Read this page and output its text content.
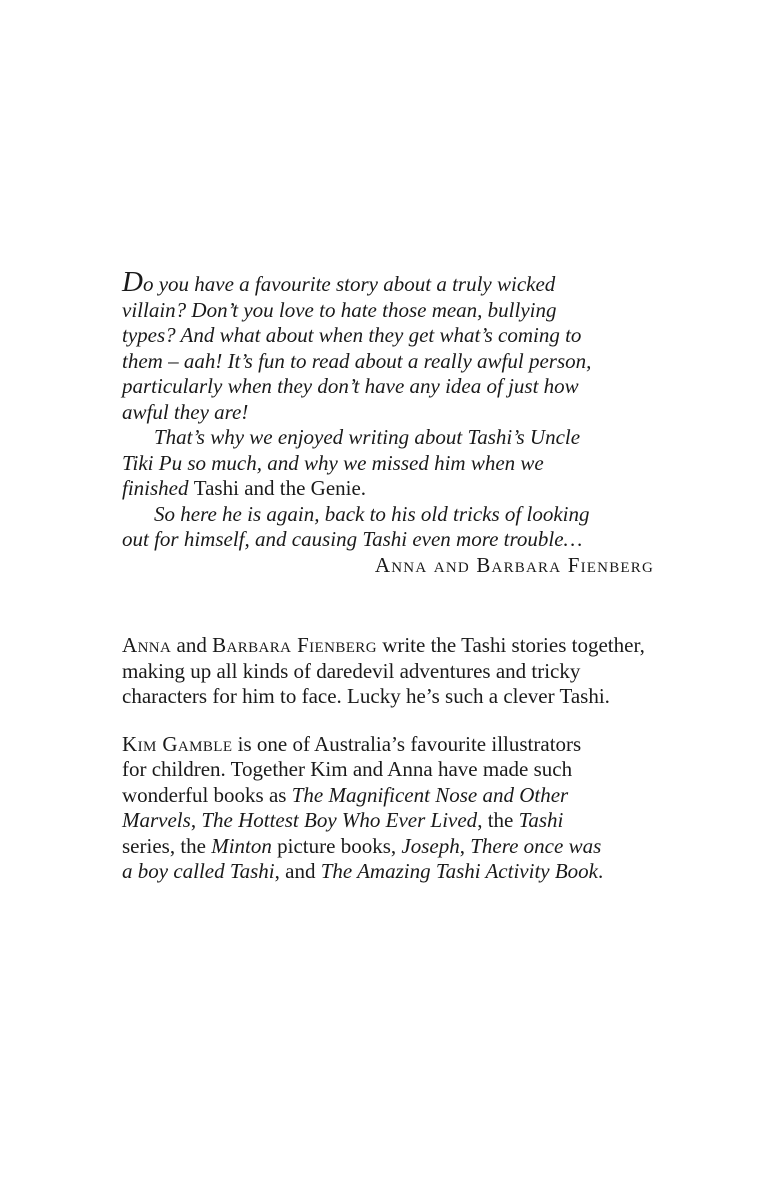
Do you have a favourite story about a truly wicked
villain? Don’t you love to hate those mean, bullying
types? And what about when they get what’s coming to
them – aah! It’s fun to read about a really awful person,
particularly when they don’t have any idea of just how
awful they are!
That’s why we enjoyed writing about Tashi’s Uncle
Tiki Pu so much, and why we missed him when we
finished Tashi and the Genie.
So here he is again, back to his old tricks of looking
out for himself, and causing Tashi even more trouble…
Anna and Barbara Fienberg
Anna and Barbara Fienberg write the Tashi stories together,
making up all kinds of daredevil adventures and tricky
characters for him to face. Lucky he’s such a clever Tashi.
Kim Gamble is one of Australia’s favourite illustrators
for children. Together Kim and Anna have made such
wonderful books as The Magnificent Nose and Other
Marvels, The Hottest Boy Who Ever Lived, the Tashi
series, the Minton picture books, Joseph, There once was
a boy called Tashi, and The Amazing Tashi Activity Book.
